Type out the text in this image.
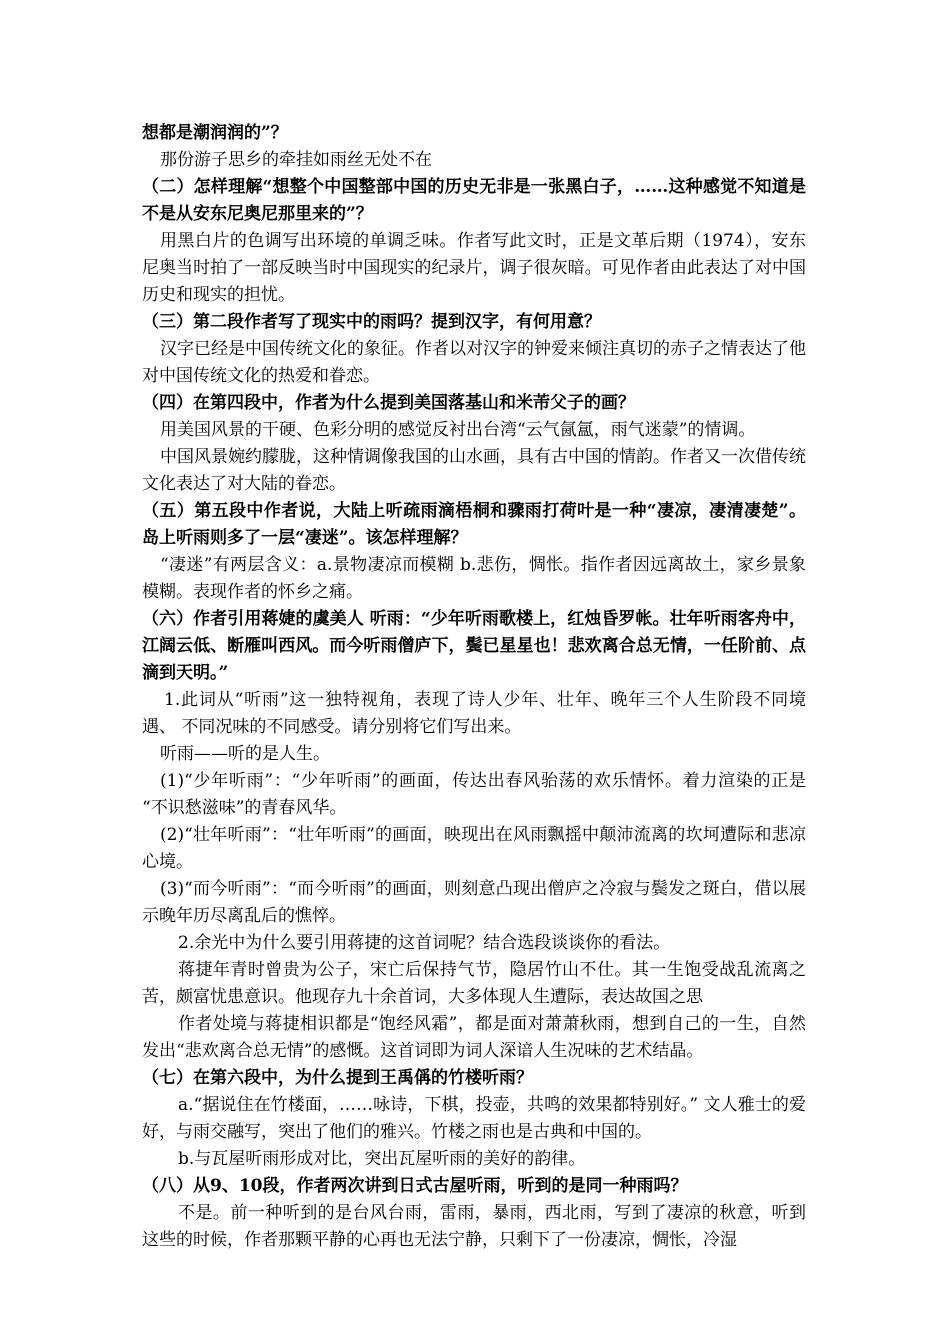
想都是潮润润的”？

那份游子思乡的牵挂如雨丝无处不在

（二）怎样理解“想整个中国整部中国的历史无非是一张黑白子，……这种感觉不知道是不是从安东尼奥尼那里来的”？

用黑白片的色调写出环境的单调乏味。作者写此文时，正是文革后期（1974），安东尼奥当时拍了一部反映当时中国现实的纪录片，调子很灰暗。可见作者由此表达了对中国历史和现实的担忧。

（三）第二段作者写了现实中的雨吗？提到汉字，有何用意？

汉字已经是中国传统文化的象征。作者以对汉字的钟爱来倾注真切的赤子之情表达了他对中国传统文化的热爱和眷恋。

（四）在第四段中，作者为什么提到美国落基山和米芾父子的画？

用美国风景的干硬、色彩分明的感觉反衬出台湾“云气氤氲，雨气迷蒙”的情调。

中国风景婉约朦胧，这种情调像我国的山水画，具有古中国的情韵。作者又一次借传统文化表达了对大陆的眷恋。

（五）第五段中作者说，大陆上听疏雨滴梧桐和骤雨打荷叶是一种“凄凉，凄清凄楚”。岛上听雨则多了一层“凄迷”。该怎样理解？

“凄迷”有两层含义：a.景物凄凉而模糊 b.悲伤，惆怅。指作者因远离故土，家乡景象模糊。表现作者的怀乡之痛。

（六）作者引用蒋婕的虞美人 听雨：“少年听雨歌楼上，红烛昏罗帐。壮年听雨客舟中，江阔云低、断雁叫西风。而今听雨僧庐下，鬓已星星也！悲欢离合总无情，一任阶前、点滴到天明。”

1.此词从“听雨”这一独特视角，表现了诗人少年、壮年、晚年三个人生阶段不同境遇、 不同况味的不同感受。请分别将它们写出来。

听雨——听的是人生。

(1)“少年听雨”：“少年听雨”的画面，传达出春风骀荡的欢乐情怀。着力渲染的正是 “不识愁滋味”的青春风华。

(2)“壮年听雨”：“壮年听雨”的画面，映现出在风雨飘摇中颠沛流离的坎坷遭际和悲凉　心境。

(3)“而今听雨”：“而今听雨”的画面，则刻意凸现出僧庐之冷寂与鬓发之斑白，借以展 示晚年历尽离乱后的憔悴。

2.余光中为什么要引用蒋捷的这首词呢？结合选段谈谈你的看法。

蒋捷年青时曾贵为公子，宋亡后保持气节，隐居竹山不仕。其一生饱受战乱流离之苦，颇富忧患意识。他现存九十余首词，大多体现人生遭际，表达故国之思

作者处境与蒋捷相识都是“饱经风霜”，都是面对萧萧秋雨，想到自己的一生，自然发出“悲欢离合总无情”的感慨。这首词即为词人深谙人生况味的艺术结晶。

（七）在第六段中，为什么提到王禹偁的竹楼听雨？

a.“据说住在竹楼面，……咏诗，下棋，投壶，共鸣的效果都特别好。” 文人雅士的爱好，与雨交融写，突出了他们的雅兴。竹楼之雨也是古典和中国的。

b.与瓦屋听雨形成对比，突出瓦屋听雨的美好的韵律。

（八）从9、10段，作者两次讲到日式古屋听雨，听到的是同一种雨吗？

不是。前一种听到的是台风台雨，雷雨，暴雨，西北雨，写到了凄凉的秋意，听到这些的时候，作者那颗平静的心再也无法宁静，只剩下了一份凄凉，惆怅，冷湿
